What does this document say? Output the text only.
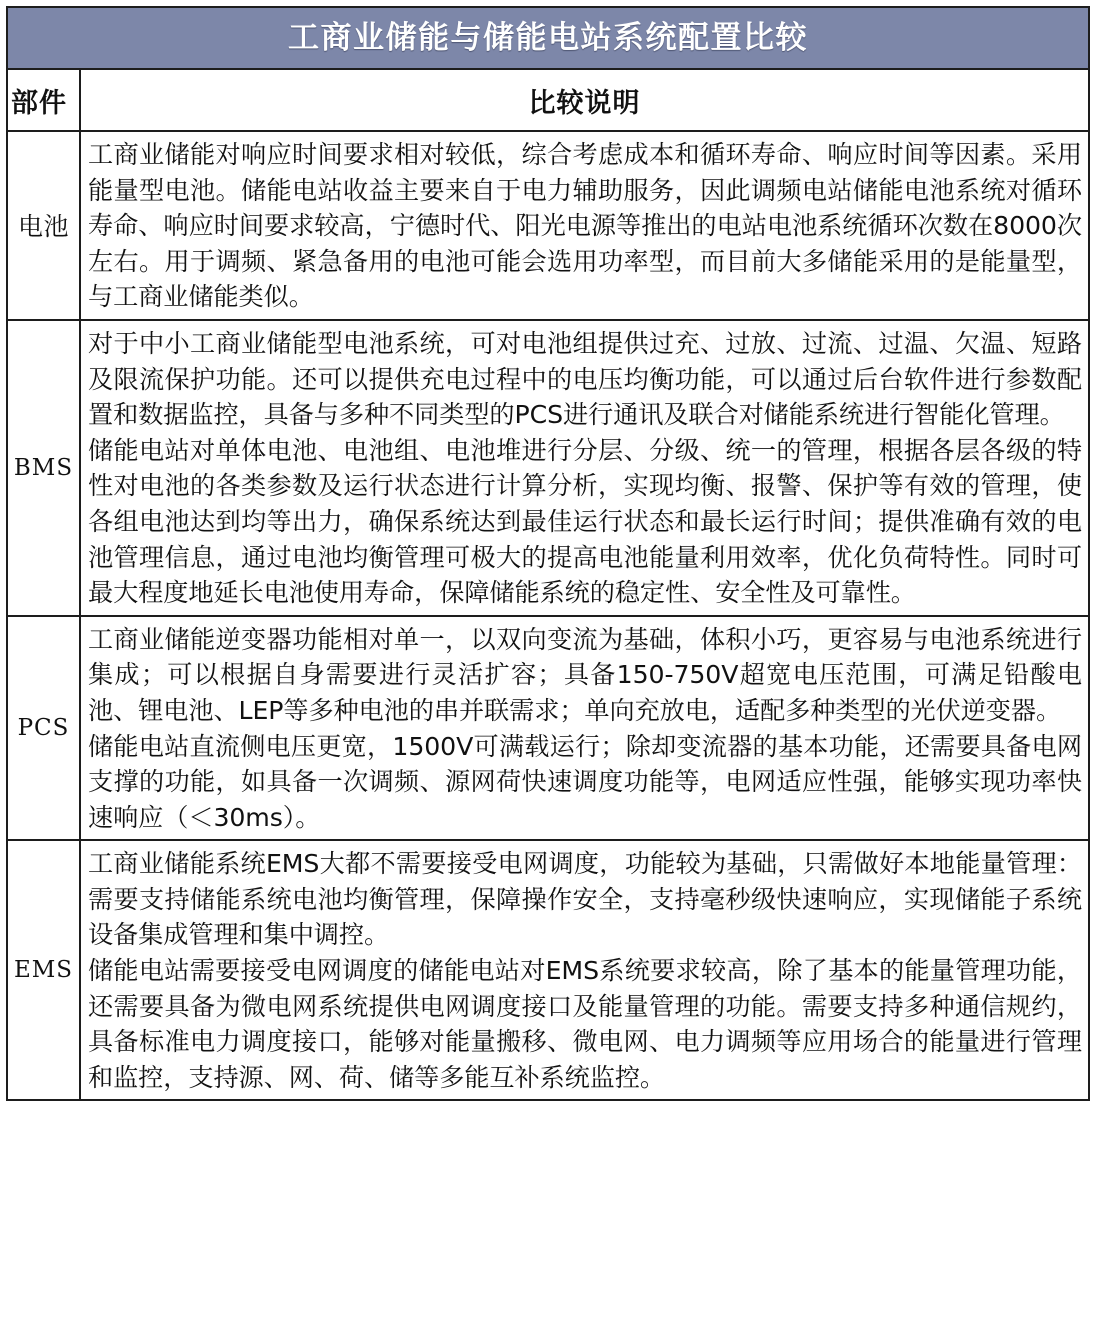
工商业储能与储能电站系统配置比较	

部件	比较说明
电池	工商业储能对响应时间要求相对较低，综合考虑成本和循环寿命、响应时间等因素。采用能量型电池。储能电站收益主要来自于电力辅助服务，因此调频电站储能电池系统对循环寿命、响应时间要求较高，宁德时代、阳光电源等推出的电站电池系统循环次数在8000次左右。用于调频、紧急备用的电池可能会选用功率型，而目前大多储能采用的是能量型，与工商业储能类似。

BMS	对于中小工商业储能型电池系统，可对电池组提供过充、过放、过流、过温、欠温、短路及限流保护功能。还可以提供充电过程中的电压均衡功能，可以通过后台软件进行参数配置和数据监控，具备与多种不同类型的PCS进行通讯及联合对储能系统进行智能化管理。

储能电站对单体电池、电池组、电池堆进行分层、分级、统一的管理，根据各层各级的特性对电池的各类参数及运行状态进行计算分析，实现均衡、报警、保护等有效的管理，使各组电池达到均等出力，确保系统达到最佳运行状态和最长运行时间；提供准确有效的电池管理信息，通过电池均衡管理可极大的提高电池能量利用效率，优化负荷特性。同时可最大程度地延长电池使用寿命，保障储能系统的稳定性、安全性及可靠性。

PCS	工商业储能逆变器功能相对单一，以双向变流为基础，体积小巧，更容易与电池系统进行集成；可以根据自身需要进行灵活扩容；具备150-750V超宽电压范围，可满足铅酸电池、锂电池、LEP等多种电池的串并联需求；单向充放电，适配多种类型的光伏逆变器。

储能电站直流侧电压更宽，1500V可满载运行；除却变流器的基本功能，还需要具备电网支撑的功能，如具备一次调频、源网荷快速调度功能等，电网适应性强，能够实现功率快速响应（＜30ms）。

EMS	工商业储能系统EMS大都不需要接受电网调度，功能较为基础，只需做好本地能量管理：需要支持储能系统电池均衡管理，保障操作安全，支持毫秒级快速响应，实现储能子系统设备集成管理和集中调控。

储能电站需要接受电网调度的储能电站对EMS系统要求较高，除了基本的能量管理功能，还需要具备为微电网系统提供电网调度接口及能量管理的功能。需要支持多种通信规约，具备标准电力调度接口，能够对能量搬移、微电网、电力调频等应用场合的能量进行管理和监控，支持源、网、荷、储等多能互补系统监控。
